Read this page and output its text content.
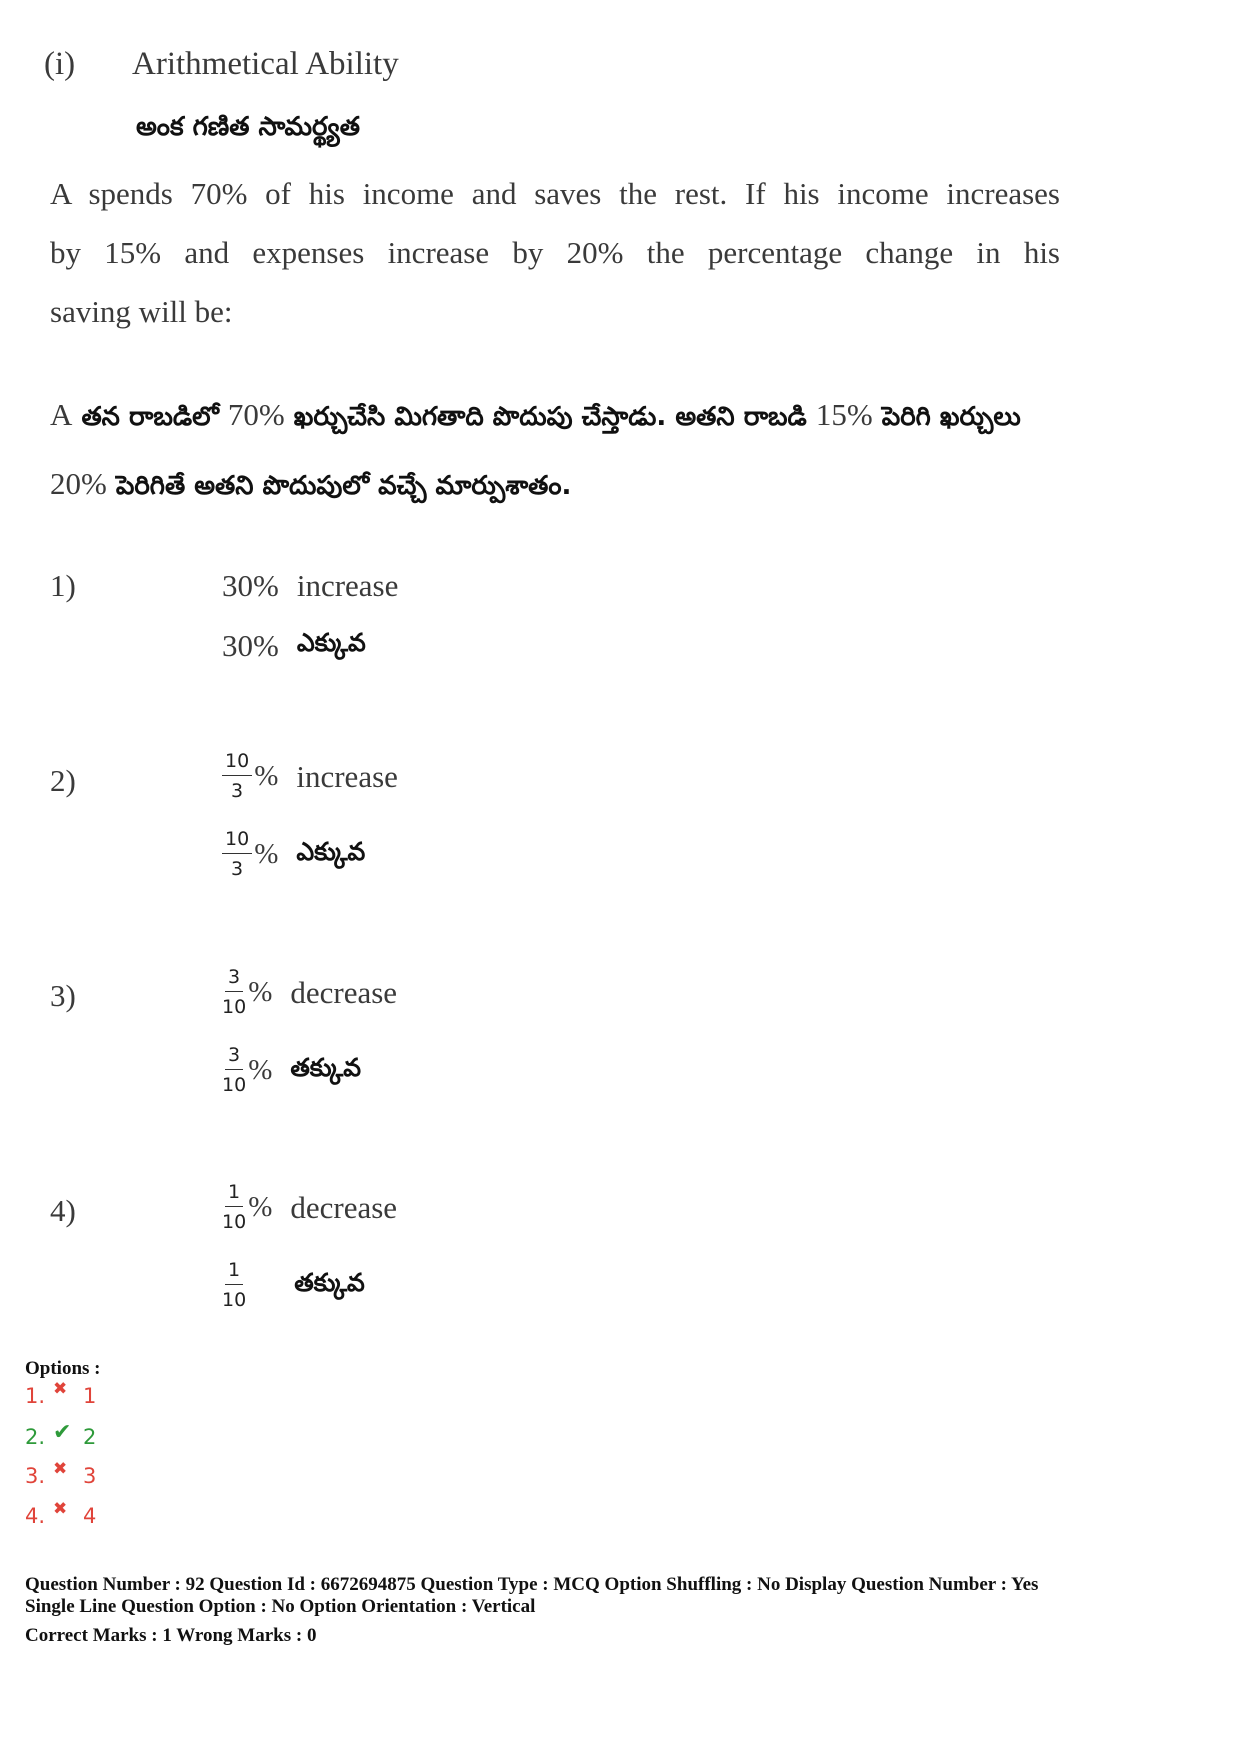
(i) Arithmetical Ability
అంక గణిత సామర్థ్యత
A spends 70% of his income and saves the rest. If his income increases
by 15% and expenses increase by 20% the percentage change in his
saving will be:
A తన రాబడిలో 70% ఖర్చుచేసి మిగతాది పొదుపు చేస్తాడు. అతని రాబడి 15% పెరిగి ఖర్చులు
20% పెరిగితే అతని పొదుపులో వచ్చే మార్పుశాతం.
1)	30% increase
30% ఎక్కువ
2)	$\frac{10}{3}$ % increase
$\frac{10}{3}$ % ఎక్కువ
3)	$\frac{3}{10}$ % decrease
$\frac{3}{10}$ % తక్కువ
4)	$\frac{1}{10}$ % decrease
$\frac{1}{10}$ తక్కువ
Options :
1. ✖ 1
2. ✔ 2
3. ✖ 3
4. ✖ 4
Question Number : 92 Question Id : 6672694875 Question Type : MCQ Option Shuffling : No Display Question Number : Yes
Single Line Question Option : No Option Orientation : Vertical
Correct Marks : 1 Wrong Marks : 0
